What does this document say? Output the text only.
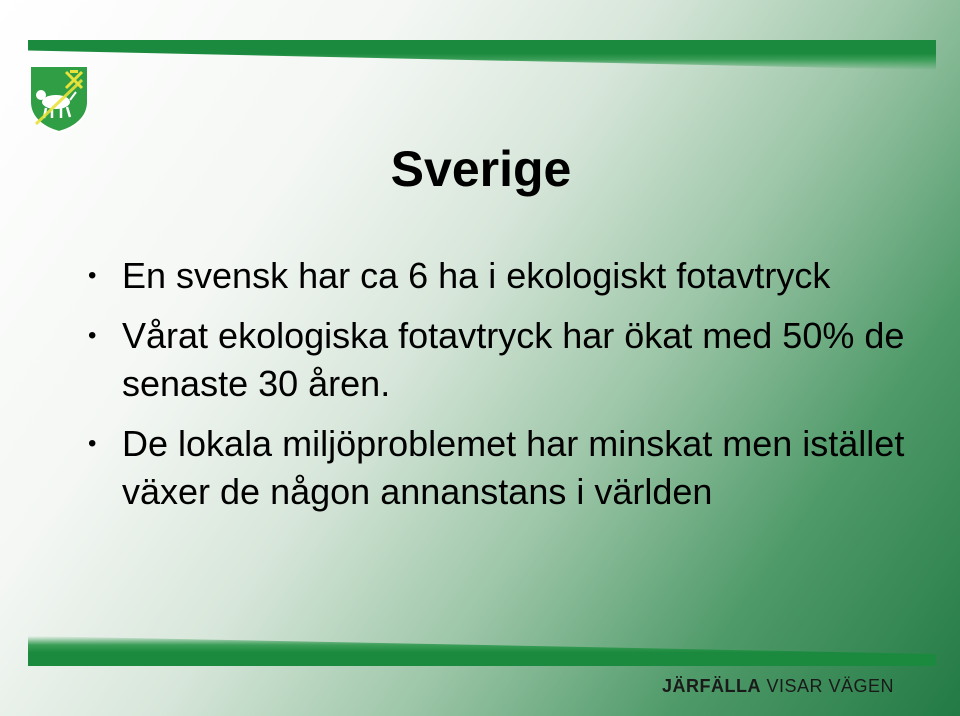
Sverige
• En svensk har ca 6 ha i ekologiskt fotavtryck
• Vårat ekologiska fotavtryck har ökat med 50% de senaste 30 åren.
• De lokala miljöproblemet har minskat men istället växer de någon annanstans i världen
JÄRFÄLLA VISAR VÄGEN
